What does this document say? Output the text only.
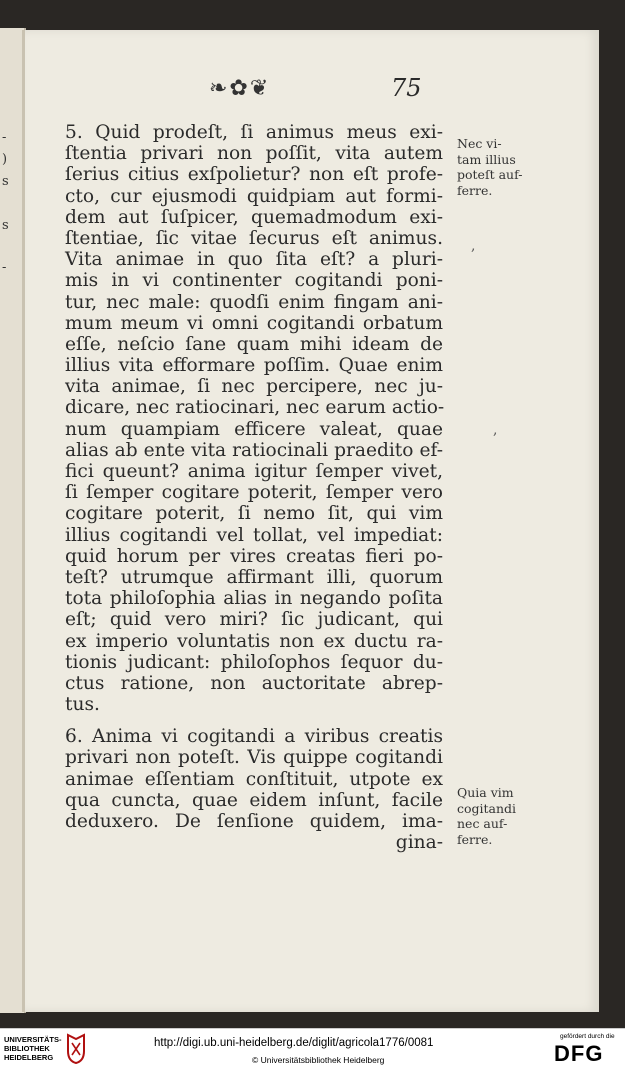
-
)
s
s
-
❧✿❦	75
5. Quid prodeſt, ſi animus meus exi-
ſtentia privari non poſſit, vita autem
ſerius citius exſpolietur? non eſt profe-
cto, cur ejusmodi quidpiam aut formi-
dem aut ſuſpicer, quemadmodum exi-
ſtentiae, ſic vitae ſecurus eſt animus.
Vita animae in quo ſita eſt? a pluri-
mis in vi continenter cogitandi poni-
tur, nec male: quodſi enim fingam ani-
mum meum vi omni cogitandi orbatum
eſſe, neſcio ſane quam mihi ideam de
illius vita efformare poſſim. Quae enim
vita animae, ſi nec percipere, nec ju-
dicare, nec ratiocinari, nec earum actio-
num quampiam efficere valeat, quae
alias ab ente vita ratiocinali praedito ef-
fici queunt? anima igitur ſemper vivet,
ſi ſemper cogitare poterit, ſemper vero
cogitare poterit, ſi nemo ſit, qui vim
illius cogitandi vel tollat, vel impediat:
quid horum per vires creatas fieri po-
teſt? utrumque affirmant illi, quorum
tota philoſophia alias in negando poſita
eſt; quid vero miri? ſic judicant, qui
ex imperio voluntatis non ex ductu ra-
tionis judicant: philoſophos ſequor du-
ctus ratione, non auctoritate abrep-
tus.
6. Anima vi cogitandi a viribus creatis
privari non poteſt. Vis quippe cogitandi
animae eſſentiam conſtituit, utpote ex
qua cuncta, quae eidem inſunt, facile
deduxero. De ſenſione quidem, ima-
gina-
Nec vi-
tam illius
poteſt auf-
ferre.
Quia vim
cogitandi
nec auf-
ferre.
,
,
UNIVERSITÄTS-
BIBLIOTHEK
HEIDELBERG
http://digi.ub.uni-heidelberg.de/diglit/agricola1776/0081
© Universitätsbibliothek Heidelberg
gefördert durch die
DFG
